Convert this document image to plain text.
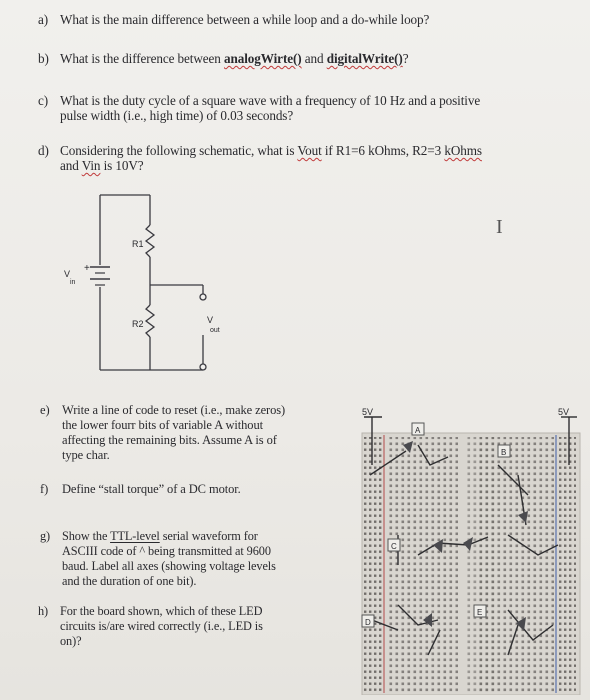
a) What is the main difference between a while loop and a do-while loop?
b) What is the difference between analogWirte() and digitalWrite()?
c) What is the duty cycle of a square wave with a frequency of 10 Hz and a positive
pulse width (i.e., high time) of 0.03 seconds?
d) Considering the following schematic, what is Vout if R1=6 kOhms, R2=3 kOhms
and Vin is 10V?
I
+
V
in
R1
R2	V
out
e) Write a line of code to reset (i.e., make zeros)
the lower fourr bits of variable A without
affecting the remaining bits. Assume A is of
type char.
f) Define “stall torque” of a DC motor.
g) Show the TTL-level serial waveform for
ASCIII code of ^ being transmitted at 9600
baud. Label all axes (showing voltage levels
and the duration of one bit).
h) For the board shown, which of these LED
circuits is/are wired correctly (i.e., LED is
on)?
5V	5V
A
B
C
D
E
